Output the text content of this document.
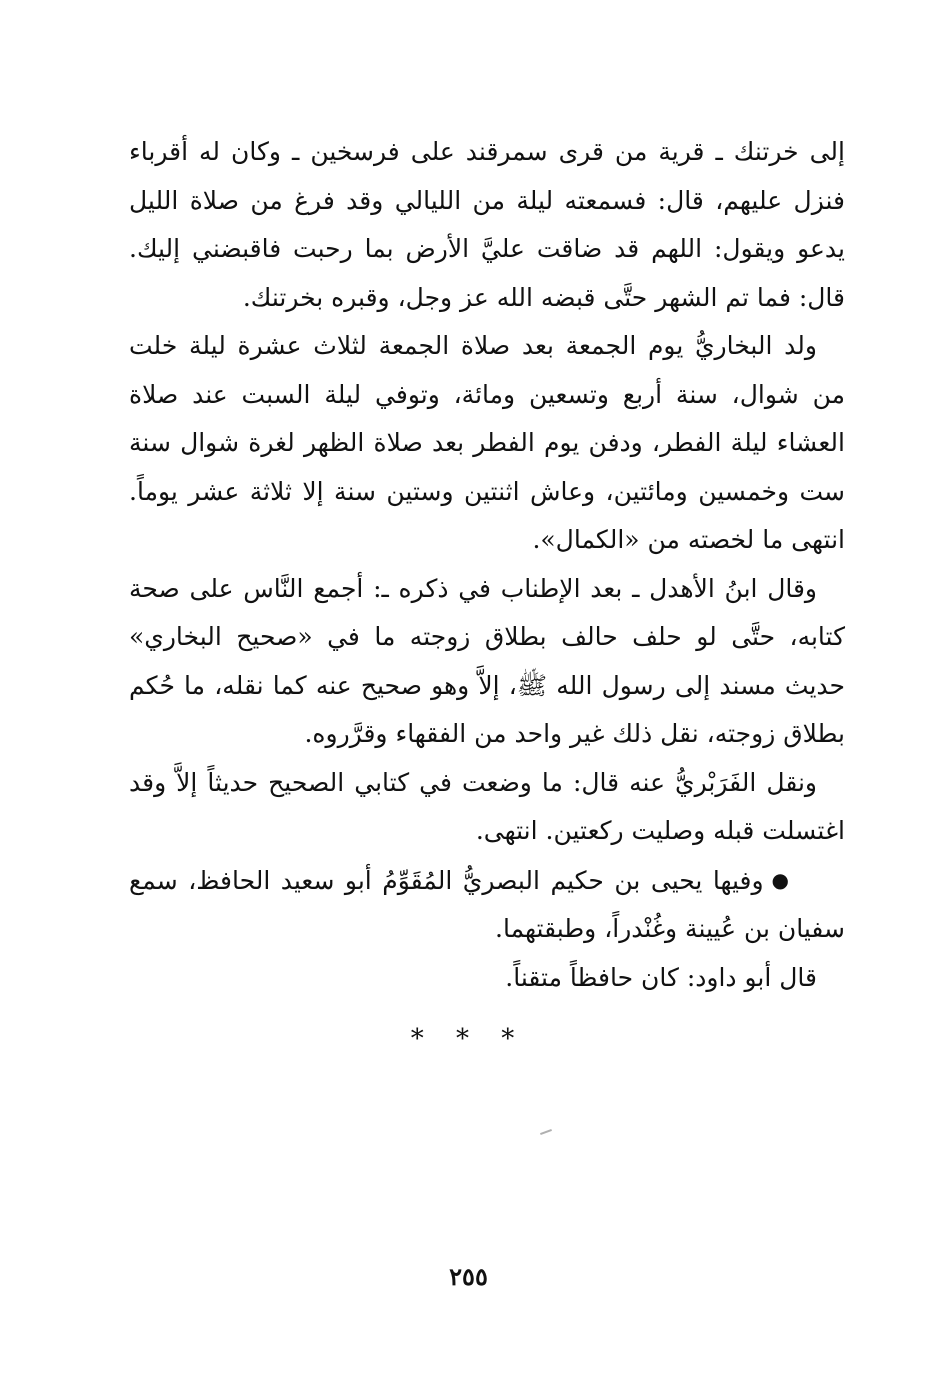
إلى خرتنك ـ قرية من قرى سمرقند على فرسخين ـ وكان له أقرباء فنزل عليهم، قال: فسمعته ليلة من الليالي وقد فرغ من صلاة الليل يدعو ويقول: اللهم قد ضاقت عليَّ الأرض بما رحبت فاقبضني إليك. قال: فما تم الشهر حتَّى قبضه الله عز وجل، وقبره بخرتنك.

ولد البخاريُّ يوم الجمعة بعد صلاة الجمعة لثلاث عشرة ليلة خلت من شوال، سنة أربع وتسعين ومائة، وتوفي ليلة السبت عند صلاة العشاء ليلة الفطر، ودفن يوم الفطر بعد صلاة الظهر لغرة شوال سنة ست وخمسين ومائتين، وعاش اثنتين وستين سنة إلا ثلاثة عشر يوماً. انتهى ما لخصته من «الكمال».

وقال ابنُ الأهدل ـ بعد الإطناب في ذكره ـ: أجمع النَّاس على صحة كتابه، حتَّى لو حلف حالف بطلاق زوجته ما في «صحيح البخاري» حديث مسند إلى رسول الله ﷺ، إلاَّ وهو صحيح عنه كما نقله، ما حُكم بطلاق زوجته، نقل ذلك غير واحد من الفقهاء وقرَّروه.

ونقل الفَرَبْريُّ عنه قال: ما وضعت في كتابي الصحيح حديثاً إلاَّ وقد اغتسلت قبله وصليت ركعتين. انتهى.

●وفيها يحيى بن حكيم البصريُّ المُقَوِّمُ أبو سعيد الحافظ، سمع سفيان بن عُيينة وغُنْدراً، وطبقتهما.

قال أبو داود: كان حافظاً متقناً.

* * *
٢٥٥
